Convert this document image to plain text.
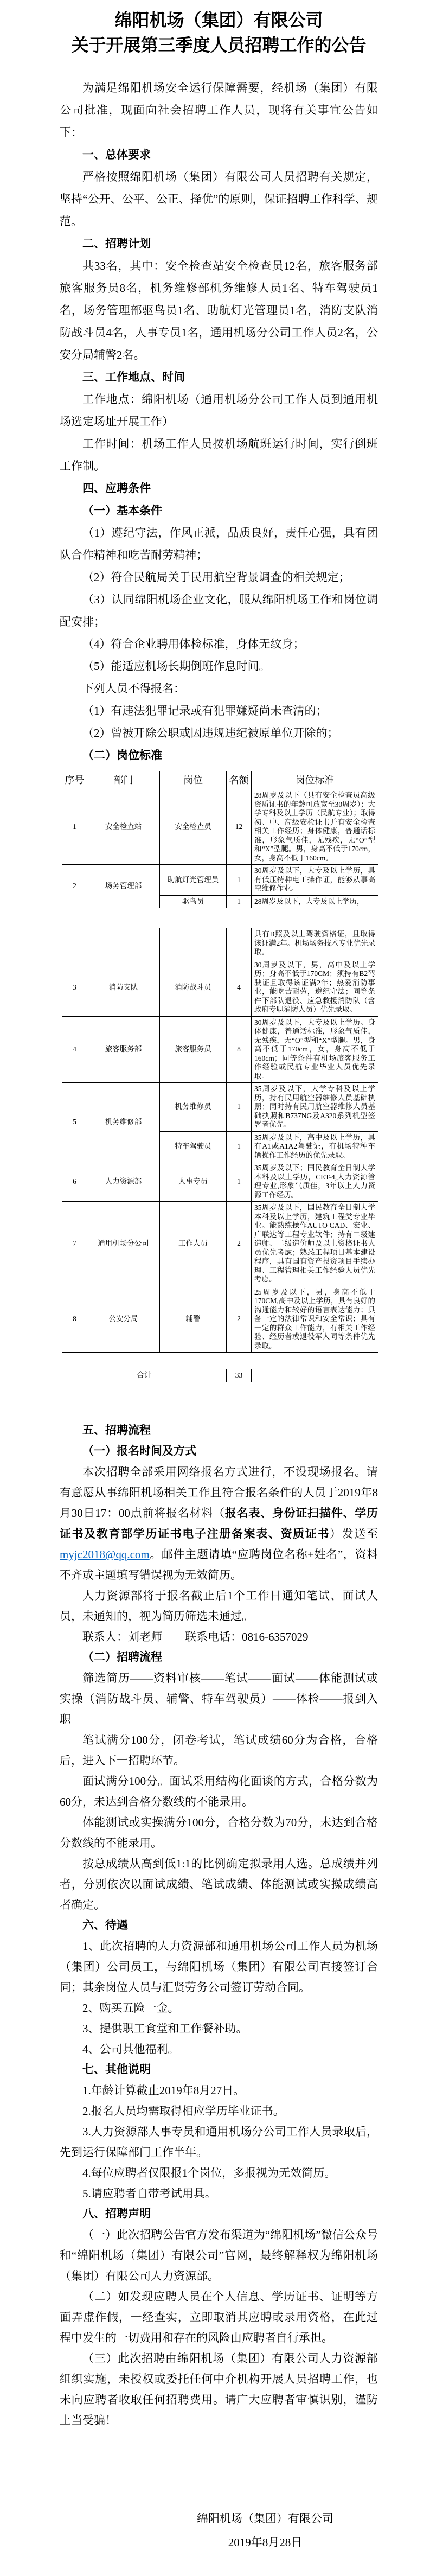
绵阳机场（集团）有限公司
关于开展第三季度人员招聘工作的公告
为满足绵阳机场安全运行保障需要，经机场（集团）有限公司批准，现面向社会招聘工作人员，现将有关事宜公告如下：
一、总体要求
严格按照绵阳机场（集团）有限公司人员招聘有关规定，坚持“公开、公平、公正、择优”的原则，保证招聘工作科学、规范。
二、招聘计划
共33名，其中：安全检查站安全检查员12名，旅客服务部旅客服务员8名，机务维修部机务维修人员1名、特车驾驶员1名，场务管理部驱鸟员1名、助航灯光管理员1名，消防支队消防战斗员4名，人事专员1名，通用机场分公司工作人员2名，公安分局辅警2名。
三、工作地点、时间
工作地点：绵阳机场（通用机场分公司工作人员到通用机场选定场址开展工作）
工作时间：机场工作人员按机场航班运行时间，实行倒班工作制。
四、应聘条件
（一）基本条件
（1）遵纪守法，作风正派，品质良好，责任心强，具有团队合作精神和吃苦耐劳精神；
（2）符合民航局关于民用航空背景调查的相关规定；
（3）认同绵阳机场企业文化，服从绵阳机场工作和岗位调配安排；
（4）符合企业聘用体检标准，身体无纹身；
（5）能适应机场长期倒班作息时间。
下列人员不得报名：
（1）有违法犯罪记录或有犯罪嫌疑尚未查清的；
（2）曾被开除公职或因违规违纪被原单位开除的；
（二）岗位标准
序号	部门	岗位	名额	岗位标准
1	安全检查站	安全检查员	12	28周岁及以下（具有安全检查员高级资质证书的年龄可放宽至30周岁）；大学专科及以上学历（民航专业）；取得初、中、高级安检证书并有安全检查相关工作经历；身体健康，普通话标准，形象气质佳，无残疾，无“O”型和“X”型腿。男，身高不低于170cm，女，身高不低于160cm。
2	场务管理部	助航灯光管理员	1	30周岁及以下，大专及以上学历，具有低压特种电工操作证，能够从事高空维修作业。
		驱鸟员	1	28周岁及以下，大专及以上学历，
				具有B照及以上驾驶资格证，且取得该证满2年。机场场务技术专业优先录取。
3	消防支队	消防战斗员	4	30周岁及以下，男，高中及以上学历；身高不低于170CM；须持有B2驾驶证且取得该证满2年；热爱消防事业，能吃苦耐劳，遵纪守法；同等条件下部队退役、应急救援消防队（含政府专职消防人员）优先录取。
4	旅客服务部	旅客服务员	8	30周岁及以下，大专及以上学历。身体健康，普通话标准，形象气质佳，无残疾，无“O”型和“X”型腿。男，身高不低于170cm，女，身高不低于160cm；同等条件有机场旅客服务工作经验或民航专业毕业人员优先录取。
5	机务维修部	机务维修员	1	35周岁及以下，大学专科及以上学历，持有民用航空器维修人员基础执照；同时持有民用航空器维修人员基础执照和B737NG及A320系列机型签署者优先。
		特车驾驶员	1	35周岁及以下，高中及以上学历，具有A1或A1A2驾驶证，有机场特种车辆操作工作经历的优先录取。
6	人力资源部	人事专员	1	35周岁及以下；国民教育全日制大学本科及以上学历，CET-4,人力资源管理专业,形象气质佳，3年以上人力资源工作经历。
7	通用机场分公司	工作人员	2	35周岁及以下，国民教育全日制大学本科及以上学历，建筑工程类专业毕业。能熟练操作AUTO CAD、宏业、广联达等工程专业软件；持有二级建造师、二级造价师及以上资格证书人员优先考虑；熟悉工程项目基本建设程序，具有国有资产投资项目手续办理、工程管理相关工作经验人员优先考虑。
8	公安分局	辅警	2	25周岁及以下，男，身高不低于170CM,高中及以上学历，具有良好的沟通能力和较好的语言表达能力；具备一定的法律常识和安全常识；具有一定的群众工作能力，有相关工作经验、经历者或退役军人同等条件优先录取。
合计	33	
五、招聘流程
（一）报名时间及方式
本次招聘全部采用网络报名方式进行，不设现场报名。请有意愿从事绵阳机场相关工作且符合报名条件的人员于2019年8月30日17：00点前将报名材料（报名表、身份证扫描件、学历证书及教育部学历证书电子注册备案表、资质证书）发送至myjc2018@qq.com。邮件主题请填“应聘岗位名称+姓名”，资料不齐或主题填写错误视为无效简历。
人力资源部将于报名截止后1个工作日通知笔试、面试人员，未通知的，视为简历筛选未通过。
联系人：刘老师　　联系电话：0816-6357029
（二）招聘流程
筛选简历——资料审核——笔试——面试——体能测试或实操（消防战斗员、辅警、特车驾驶员）——体检——报到入职
笔试满分100分，闭卷考试，笔试成绩60分为合格，合格后，进入下一招聘环节。
面试满分100分。面试采用结构化面谈的方式，合格分数为60分，未达到合格分数线的不能录用。
体能测试或实操满分100分，合格分数为70分，未达到合格分数线的不能录用。
按总成绩从高到低1:1的比例确定拟录用人选。总成绩并列者，分别依次以面试成绩、笔试成绩、体能测试或实操成绩高者确定。
六、待遇
1、此次招聘的人力资源部和通用机场公司工作人员为机场（集团）公司员工，与绵阳机场（集团）有限公司直接签订合同；其余岗位人员与汇贤劳务公司签订劳动合同。
2、购买五险一金。
3、提供职工食堂和工作餐补助。
4、公司其他福利。
七、其他说明
1.年龄计算截止2019年8月27日。
2.报名人员均需取得相应学历毕业证书。
3.人力资源部人事专员和通用机场分公司工作人员录取后，先到运行保障部门工作半年。
4.每位应聘者仅限报1个岗位，多报视为无效简历。
5.请应聘者自带考试用具。
八、招聘声明
（一）此次招聘公告官方发布渠道为“绵阳机场”微信公众号和“绵阳机场（集团）有限公司”官网，最终解释权为绵阳机场（集团）有限公司人力资源部。
（二）如发现应聘人员在个人信息、学历证书、证明等方面弄虚作假，一经查实，立即取消其应聘或录用资格，在此过程中发生的一切费用和存在的风险由应聘者自行承担。
（三）此次招聘由绵阳机场（集团）有限公司人力资源部组织实施，未授权或委托任何中介机构开展人员招聘工作，也未向应聘者收取任何招聘费用。请广大应聘者审慎识别，谨防上当受骗！
绵阳机场（集团）有限公司
2019年8月28日
